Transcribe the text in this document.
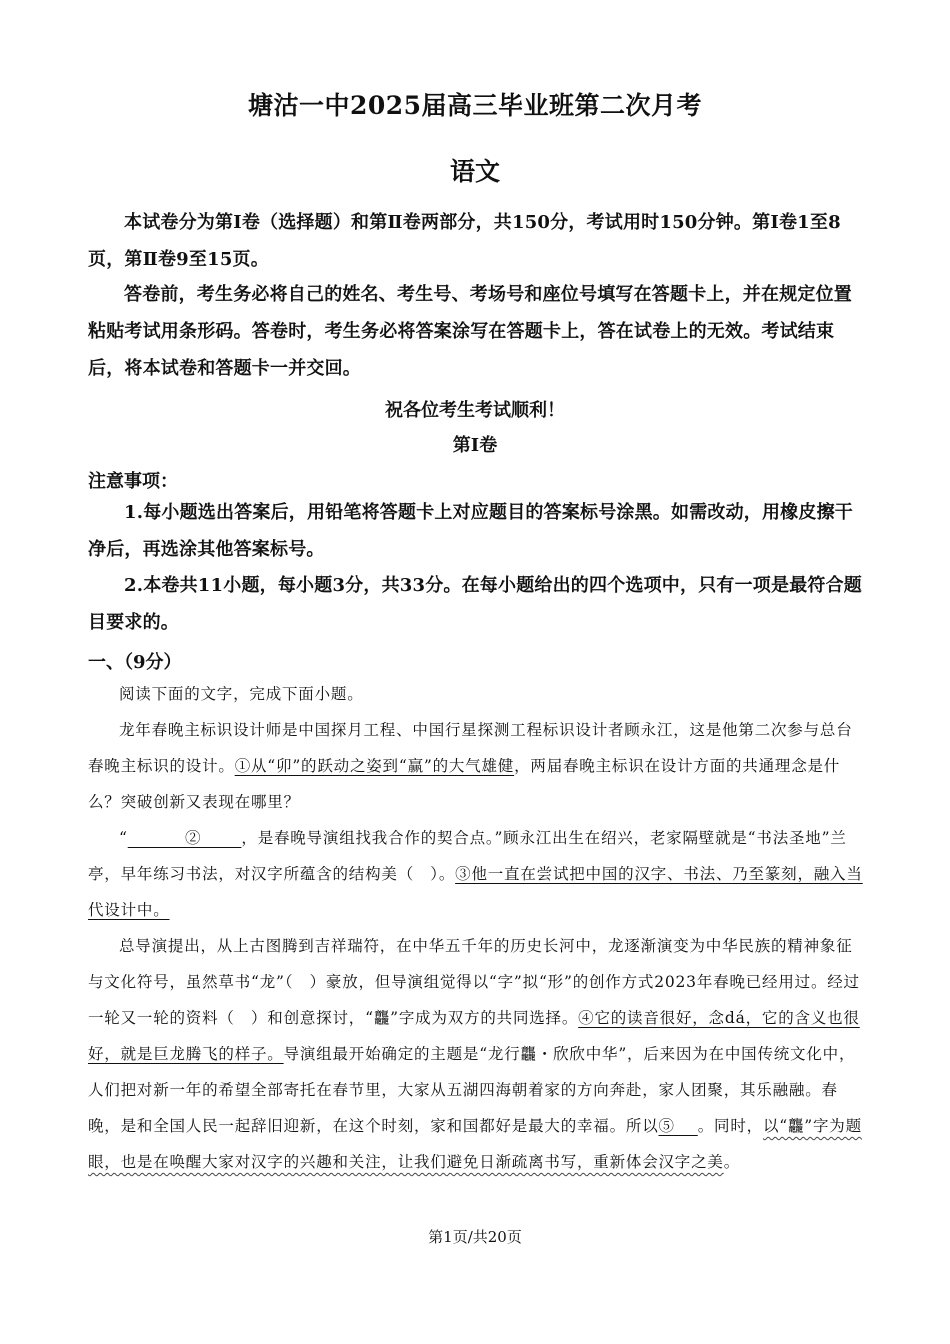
塘沽一中2025届高三毕业班第二次月考
语文
本试卷分为第Ⅰ卷（选择题）和第Ⅱ卷两部分，共150分，考试用时150分钟。第Ⅰ卷1至8页，第Ⅱ卷9至15页。
答卷前，考生务必将自己的姓名、考生号、考场号和座位号填写在答题卡上，并在规定位置粘贴考试用条形码。答卷时，考生务必将答案涂写在答题卡上，答在试卷上的无效。考试结束后，将本试卷和答题卡一并交回。
祝各位考生考试顺利！
第Ⅰ卷
注意事项：
1.每小题选出答案后，用铅笔将答题卡上对应题目的答案标号涂黑。如需改动，用橡皮擦干净后，再选涂其他答案标号。
2.本卷共11小题，每小题3分，共33分。在每小题给出的四个选项中，只有一项是最符合题目要求的。
一、（9分）
阅读下面的文字，完成下面小题。
龙年春晚主标识设计师是中国探月工程、中国行星探测工程标识设计者顾永江，这是他第二次参与总台春晚主标识的设计。①从“卯”的跃动之姿到“赢”的大气雄健，两届春晚主标识在设计方面的共通理念是什么？突破创新又表现在哪里？
“          ②       ，是春晚导演组找我合作的契合点。”顾永江出生在绍兴，老家隔壁就是“书法圣地”兰亭，早年练习书法，对汉字所蕴含的结构美（　）。③他一直在尝试把中国的汉字、书法、乃至篆刻，融入当代设计中。
总导演提出，从上古图腾到吉祥瑞符，在中华五千年的历史长河中，龙逐渐演变为中华民族的精神象征与文化符号，虽然草书“龙”（　）豪放，但导演组觉得以“字”拟“形”的创作方式2023年春晚已经用过。经过一轮又一轮的资料（　）和创意探讨，“龘”字成为双方的共同选择。④它的读音很好，念dá，它的含义也很好，就是巨龙腾飞的样子。导演组最开始确定的主题是“龙行龘・欣欣中华”，后来因为在中国传统文化中，人们把对新一年的希望全部寄托在春节里，大家从五湖四海朝着家的方向奔赴，家人团聚，其乐融融。春晚，是和全国人民一起辞旧迎新，在这个时刻，家和国都好是最大的幸福。所以⑤    。同时，以“龘”字为题眼，也是在唤醒大家对汉字的兴趣和关注，让我们避免日渐疏离书写，重新体会汉字之美。
第1页/共20页
